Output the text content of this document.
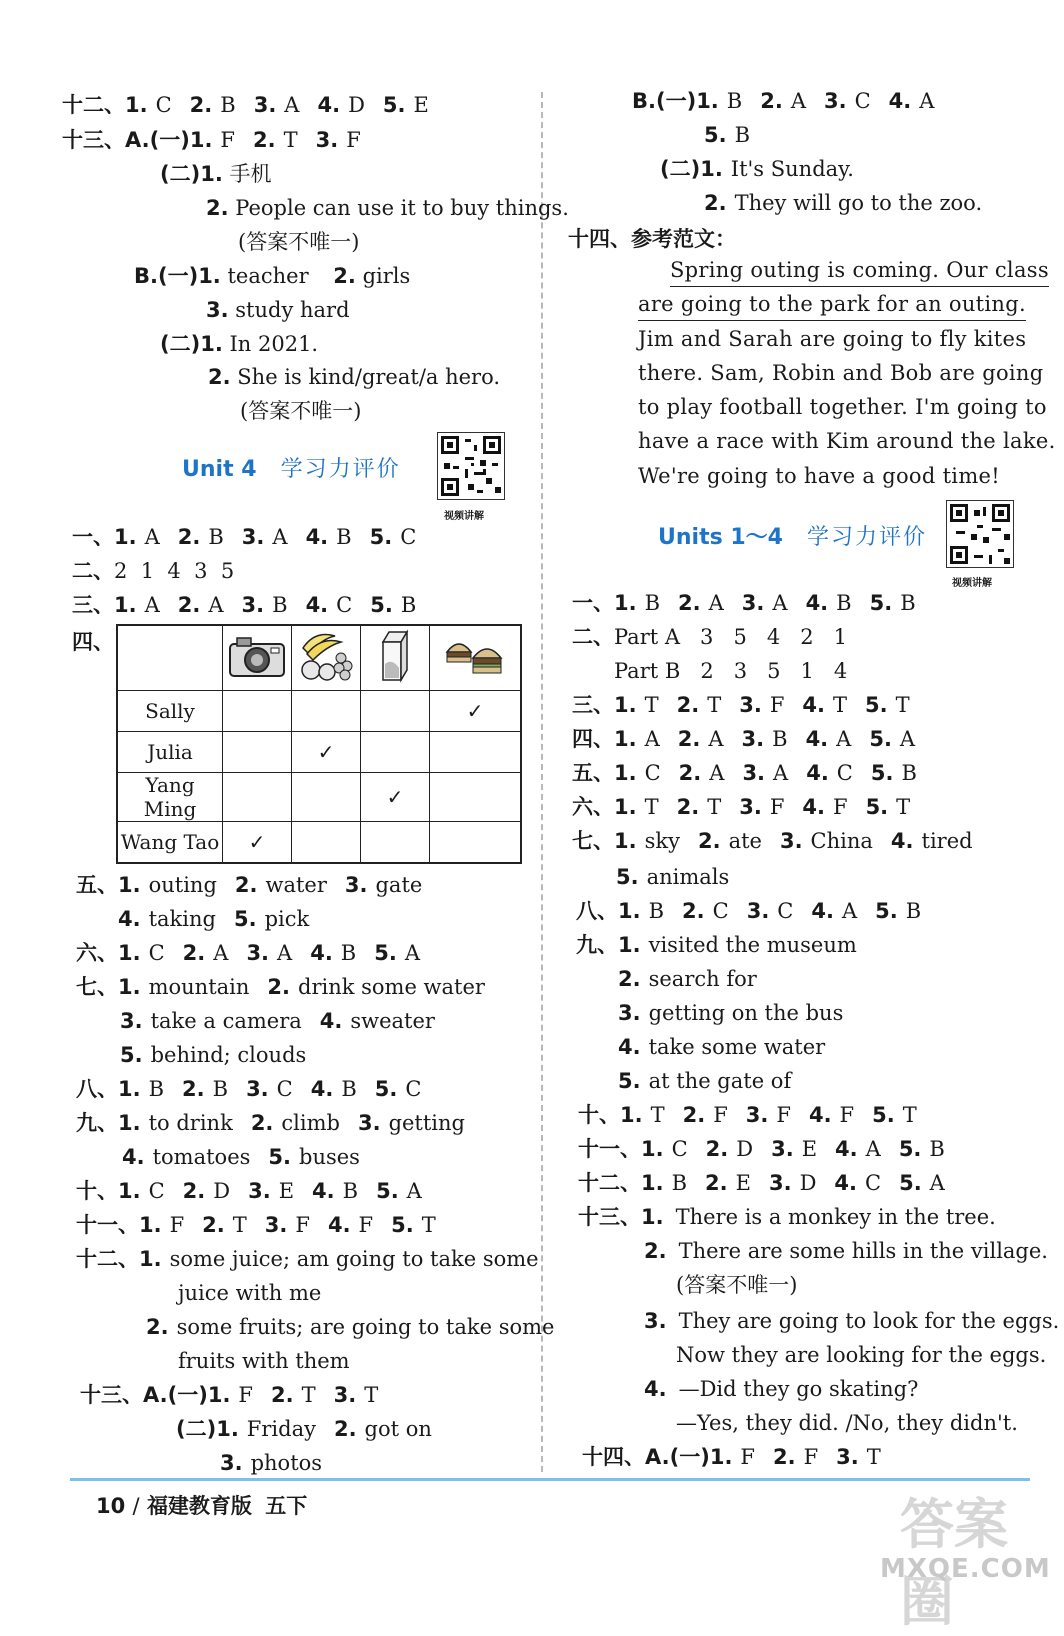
十二、1. C 2. B 3. A 4. D 5. E
十三、A.(一)1. F 2. T 3. F
(二)1. 手机
2. People can use it to buy things.
(答案不唯一)
B.(一)1. teacher 2. girls
3. study hard
(二)1. In 2021.
2. She is kind/great/a hero.
(答案不唯一)
Unit 4 学习力评价
视频讲解
一、1. A 2. B 3. A 4. B 5. C
二、2  1  4  3  5
三、1. A 2. A 3. B 4. C 5. B
四、

Sally				✓
Julia		✓		
Yang Ming			✓	
Wang Tao	✓			
五、1. outing 2. water 3. gate
4. taking 5. pick
六、1. C 2. A 3. A 4. B 5. A
七、1. mountain 2. drink some water
3. take a camera 4. sweater
5. behind; clouds
八、1. B 2. B 3. C 4. B 5. C
九、1. to drink 2. climb 3. getting
4. tomatoes 5. buses
十、1. C 2. D 3. E 4. B 5. A
十一、1. F 2. T 3. F 4. F 5. T
十二、1. some juice; am going to take some
juice with me
2. some fruits; are going to take some
fruits with them
十三、A.(一)1. F 2. T 3. T
(二)1. Friday 2. got on
3. photos
B.(一)1. B 2. A 3. C 4. A
5. B
(二)1. It's Sunday.
2. They will go to the zoo.
十四、参考范文：
Spring outing is coming. Our class
are going to the park for an outing.
Jim and Sarah are going to fly kites
there. Sam, Robin and Bob are going
to play football together. I'm going to
have a race with Kim around the lake.
We're going to have a good time!
Units 1～4 学习力评价
视频讲解
一、1. B 2. A 3. A 4. B 5. B
二、Part A   3   5   4   2   1
Part B   2   3   5   1   4
三、1. T 2. T 3. F 4. T 5. T
四、1. A 2. A 3. B 4. A 5. A
五、1. C 2. A 3. A 4. C 5. B
六、1. T 2. T 3. F 4. F 5. T
七、1. sky 2. ate 3. China 4. tired
5. animals
八、1. B 2. C 3. C 4. A 5. B
九、1. visited the museum
2. search for
3. getting on the bus
4. take some water
5. at the gate of
十、1. T 2. F 3. F 4. F 5. T
十一、1. C 2. D 3. E 4. A 5. B
十二、1. B 2. E 3. D 4. C 5. A
十三、1. There is a monkey in the tree.
2. There are some hills in the village.
(答案不唯一)
3. They are going to look for the eggs.
Now they are looking for the eggs.
4. —Did they go skating?
—Yes, they did. /No, they didn't.
十四、A.(一)1. F 2. F 3. T
10 / 福建教育版 五下	答案圈
MXQE.COM
